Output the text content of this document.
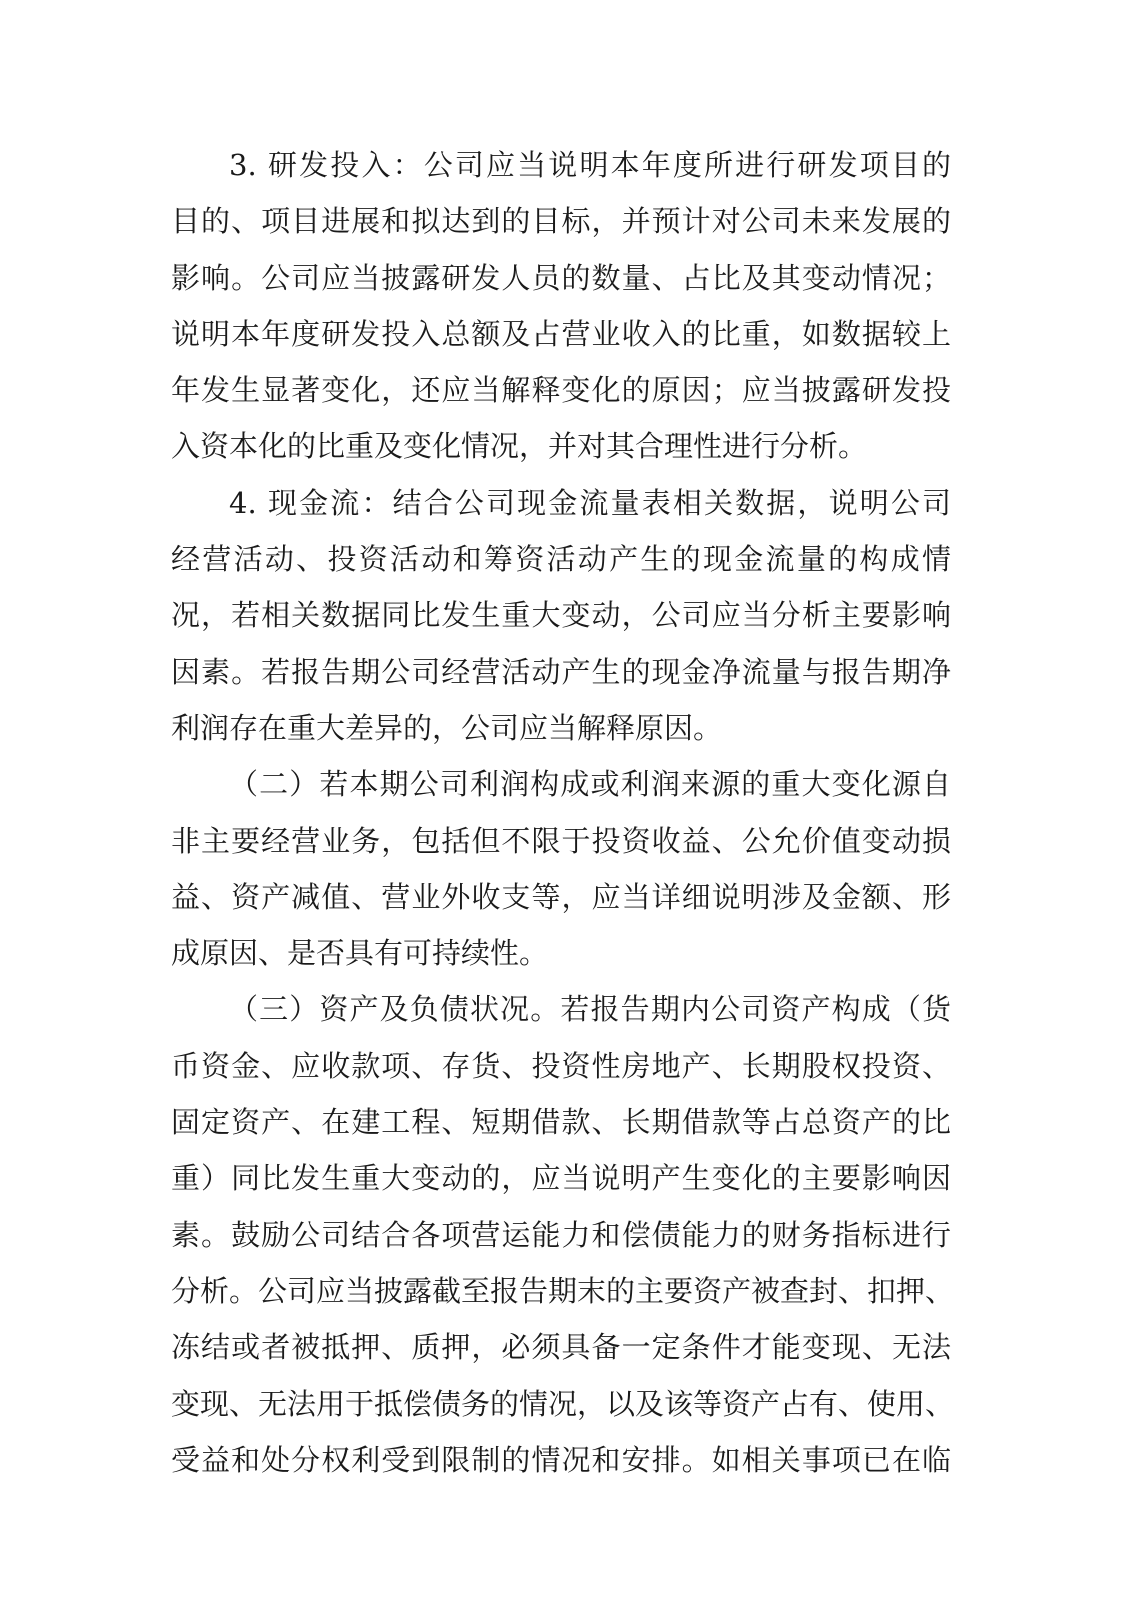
3. 研发投入：公司应当说明本年度所进行研发项目的
目的、项目进展和拟达到的目标，并预计对公司未来发展的
影响。公司应当披露研发人员的数量、占比及其变动情况；
说明本年度研发投入总额及占营业收入的比重，如数据较上
年发生显著变化，还应当解释变化的原因；应当披露研发投
入资本化的比重及变化情况，并对其合理性进行分析。
4. 现金流：结合公司现金流量表相关数据，说明公司
经营活动、投资活动和筹资活动产生的现金流量的构成情
况，若相关数据同比发生重大变动，公司应当分析主要影响
因素。若报告期公司经营活动产生的现金净流量与报告期净
利润存在重大差异的，公司应当解释原因。
（二）若本期公司利润构成或利润来源的重大变化源自
非主要经营业务，包括但不限于投资收益、公允价值变动损
益、资产减值、营业外收支等，应当详细说明涉及金额、形
成原因、是否具有可持续性。
（三）资产及负债状况。若报告期内公司资产构成（货
币资金、应收款项、存货、投资性房地产、长期股权投资、
固定资产、在建工程、短期借款、长期借款等占总资产的比
重）同比发生重大变动的，应当说明产生变化的主要影响因
素。鼓励公司结合各项营运能力和偿债能力的财务指标进行
分析。公司应当披露截至报告期末的主要资产被查封、扣押、
冻结或者被抵押、质押，必须具备一定条件才能变现、无法
变现、无法用于抵偿债务的情况，以及该等资产占有、使用、
受益和处分权利受到限制的情况和安排。如相关事项已在临
